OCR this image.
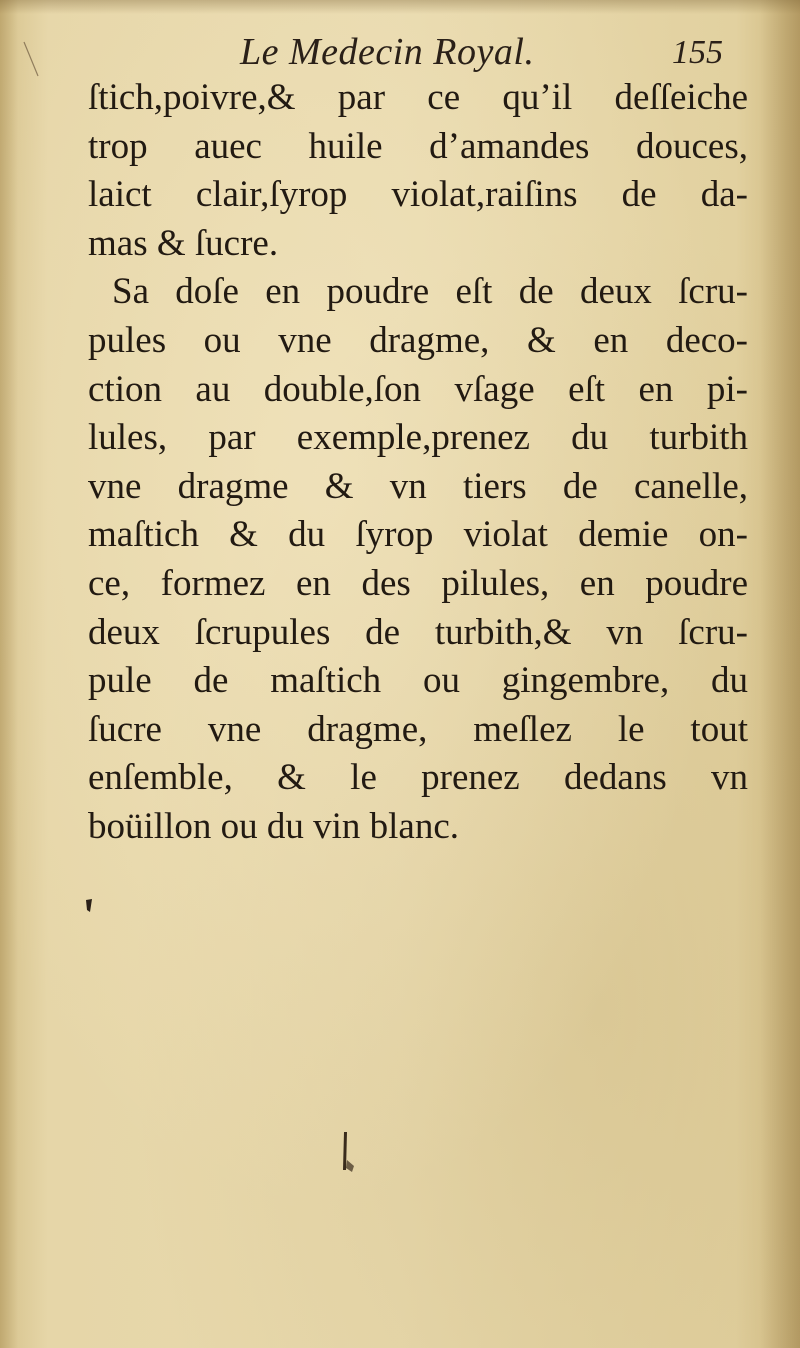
Le Medecin Royal.	155
ſtich,poivre,& par ce qu’il deſſeiche
trop auec huile d’amandes douces,
laict clair,ſyrop violat,raiſins de da-
mas & ſucre.
Sa doſe en poudre eſt de deux ſcru-
pules ou vne dragme, & en deco-
ction au double,ſon vſage eſt en pi-
lules, par exemple,prenez du turbith
vne dragme & vn tiers de canelle,
maſtich & du ſyrop violat demie on-
ce, formez en des pilules, en poudre
deux ſcrupules de turbith,& vn ſcru-
pule de maſtich ou gingembre, du
ſucre vne dragme, meſlez le tout
enſemble, & le prenez dedans vn
boüillon ou du vin blanc.
